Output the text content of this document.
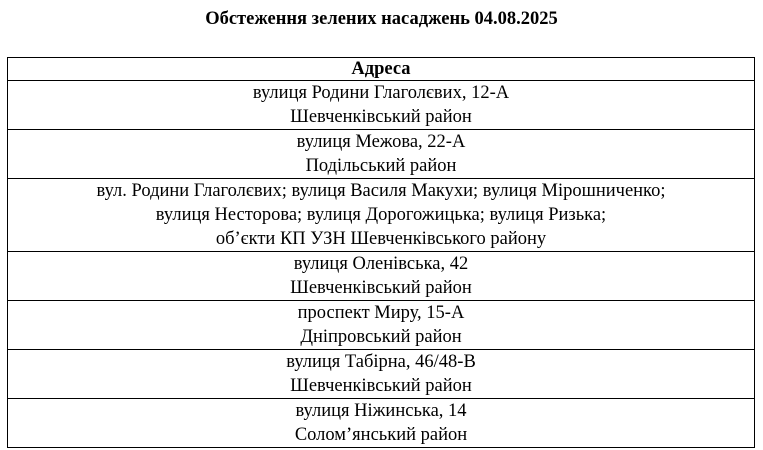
Обстеження зелених насаджень 04.08.2025
Адреса

вулиця Родини Глаголєвих, 12-А
Шевченківський район

вулиця Межова, 22-А
Подільський район

вул. Родини Глаголєвих; вулиця Василя Макухи; вулиця Мірошниченко;
вулиця Несторова; вулиця Дорогожицька; вулиця Ризька;
об’єкти КП УЗН Шевченківського району

вулиця Оленівська, 42
Шевченківський район

проспект Миру, 15-А
Дніпровський район

вулиця Табірна, 46/48-В
Шевченківський район

вулиця Ніжинська, 14
Солом’янський район
